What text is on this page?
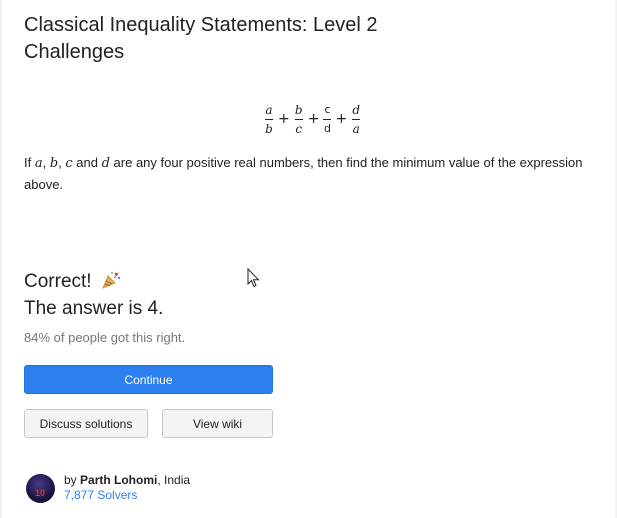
Classical Inequality Statements: Level 2 Challenges
$\frac{a}{b} + \frac{b}{c} + \frac{c}{d} + \frac{d}{a}$
If a, b, c and d are any four positive real numbers, then find the minimum value of the expression above.
Correct!
The answer is 4.
84% of people got this right.
Continue
Discuss solutions	View wiki
10
by Parth Lohomi, India
7,877 Solvers
